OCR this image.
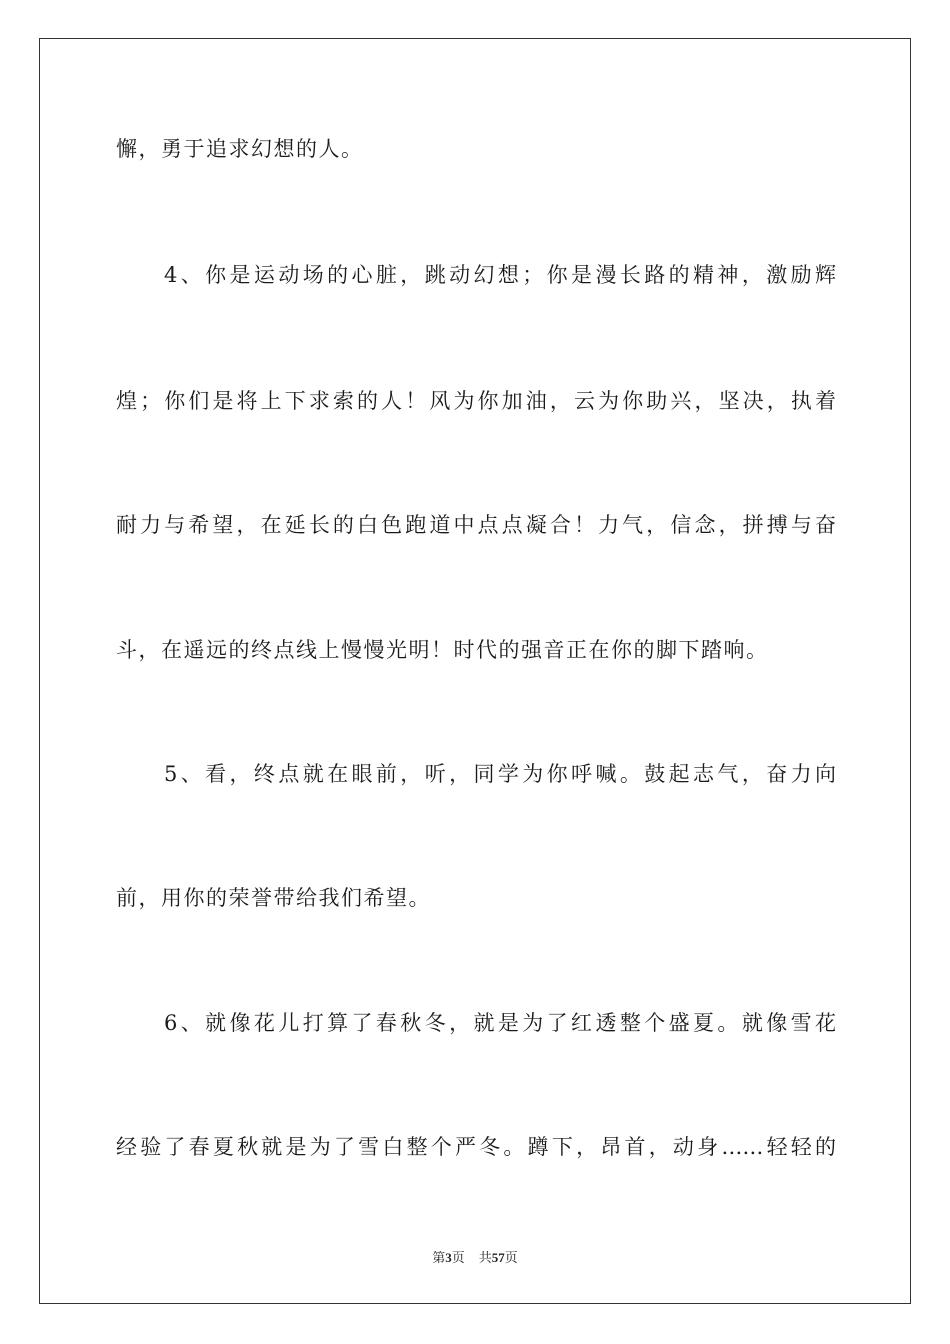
懈，勇于追求幻想的人。
4、你是运动场的心脏，跳动幻想；你是漫长路的精神，激励辉
煌；你们是将上下求索的人！风为你加油，云为你助兴，坚决，执着
耐力与希望，在延长的白色跑道中点点凝合！力气，信念，拼搏与奋
斗，在遥远的终点线上慢慢光明！时代的强音正在你的脚下踏响。
5、看，终点就在眼前，听，同学为你呼喊。鼓起志气，奋力向
前，用你的荣誉带给我们希望。
6、就像花儿打算了春秋冬，就是为了红透整个盛夏。就像雪花
经验了春夏秋就是为了雪白整个严冬。蹲下，昂首，动身……轻轻的
第3页 共57页
